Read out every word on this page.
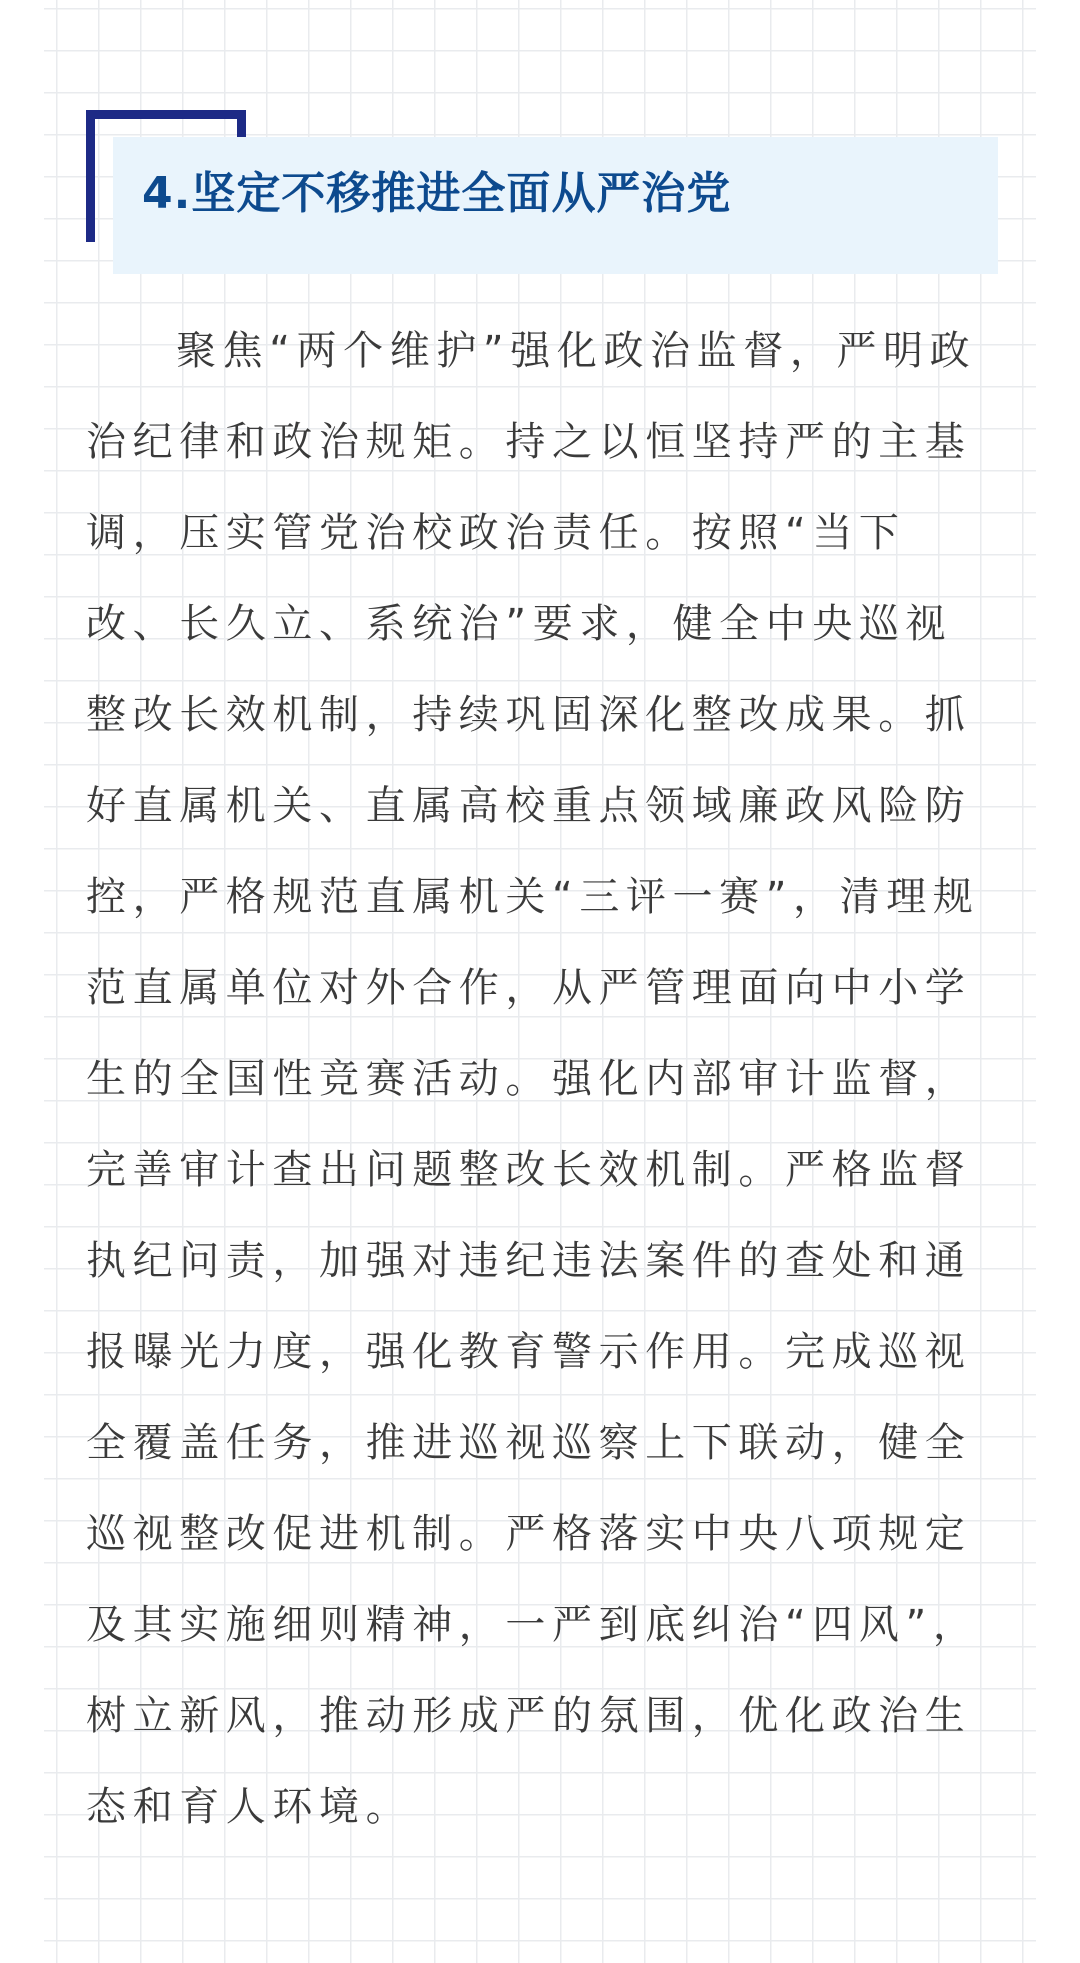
4.坚定不移推进全面从严治党

聚焦“两个维护”强化政治监督，严明政治纪律和政治规矩。持之以恒坚持严的主基调，压实管党治校政治责任。按照“当下改、长久立、系统治”要求，健全中央巡视整改长效机制，持续巩固深化整改成果。抓好直属机关、直属高校重点领域廉政风险防控，严格规范直属机关“三评一赛”，清理规范直属单位对外合作，从严管理面向中小学生的全国性竞赛活动。强化内部审计监督，完善审计查出问题整改长效机制。严格监督执纪问责，加强对违纪违法案件的查处和通报曝光力度，强化教育警示作用。完成巡视全覆盖任务，推进巡视巡察上下联动，健全巡视整改促进机制。严格落实中央八项规定及其实施细则精神，一严到底纠治“四风”，树立新风，推动形成严的氛围，优化政治生态和育人环境。
